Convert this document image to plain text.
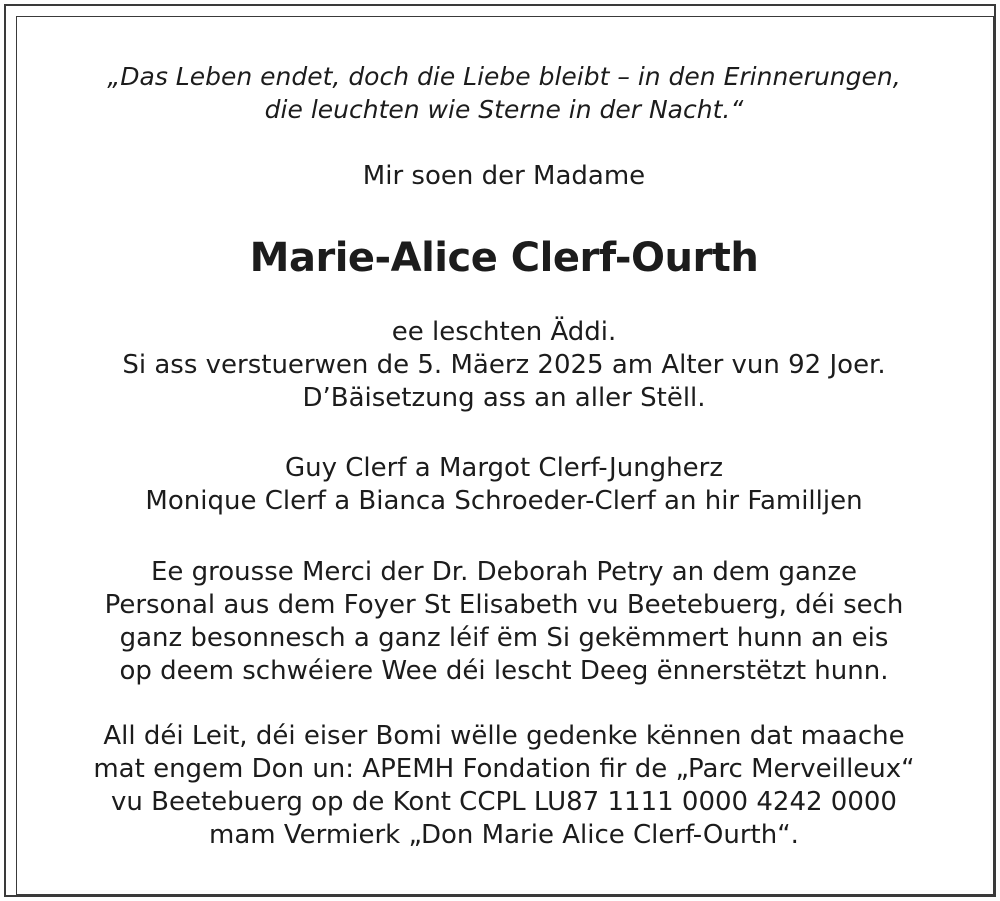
„Das Leben endet, doch die Liebe bleibt – in den Erinnerungen,
die leuchten wie Sterne in der Nacht.“
Mir soen der Madame
Marie-Alice Clerf-Ourth
ee leschten Äddi.
Si ass verstuerwen de 5. Mäerz 2025 am Alter vun 92 Joer.
D’Bäisetzung ass an aller Stëll.
Guy Clerf a Margot Clerf-Jungherz
Monique Clerf a Bianca Schroeder-Clerf an hir Familljen
Ee grousse Merci der Dr. Deborah Petry an dem ganze
Personal aus dem Foyer St Elisabeth vu Beetebuerg, déi sech
ganz besonnesch a ganz léif ëm Si gekëmmert hunn an eis
op deem schwéiere Wee déi lescht Deeg ënnerstëtzt hunn.
All déi Leit, déi eiser Bomi wëlle gedenke kënnen dat maache
mat engem Don un: APEMH Fondation fir de „Parc Merveilleux“
vu Beetebuerg op de Kont CCPL LU87 1111 0000 4242 0000
mam Vermierk „Don Marie Alice Clerf-Ourth“.
